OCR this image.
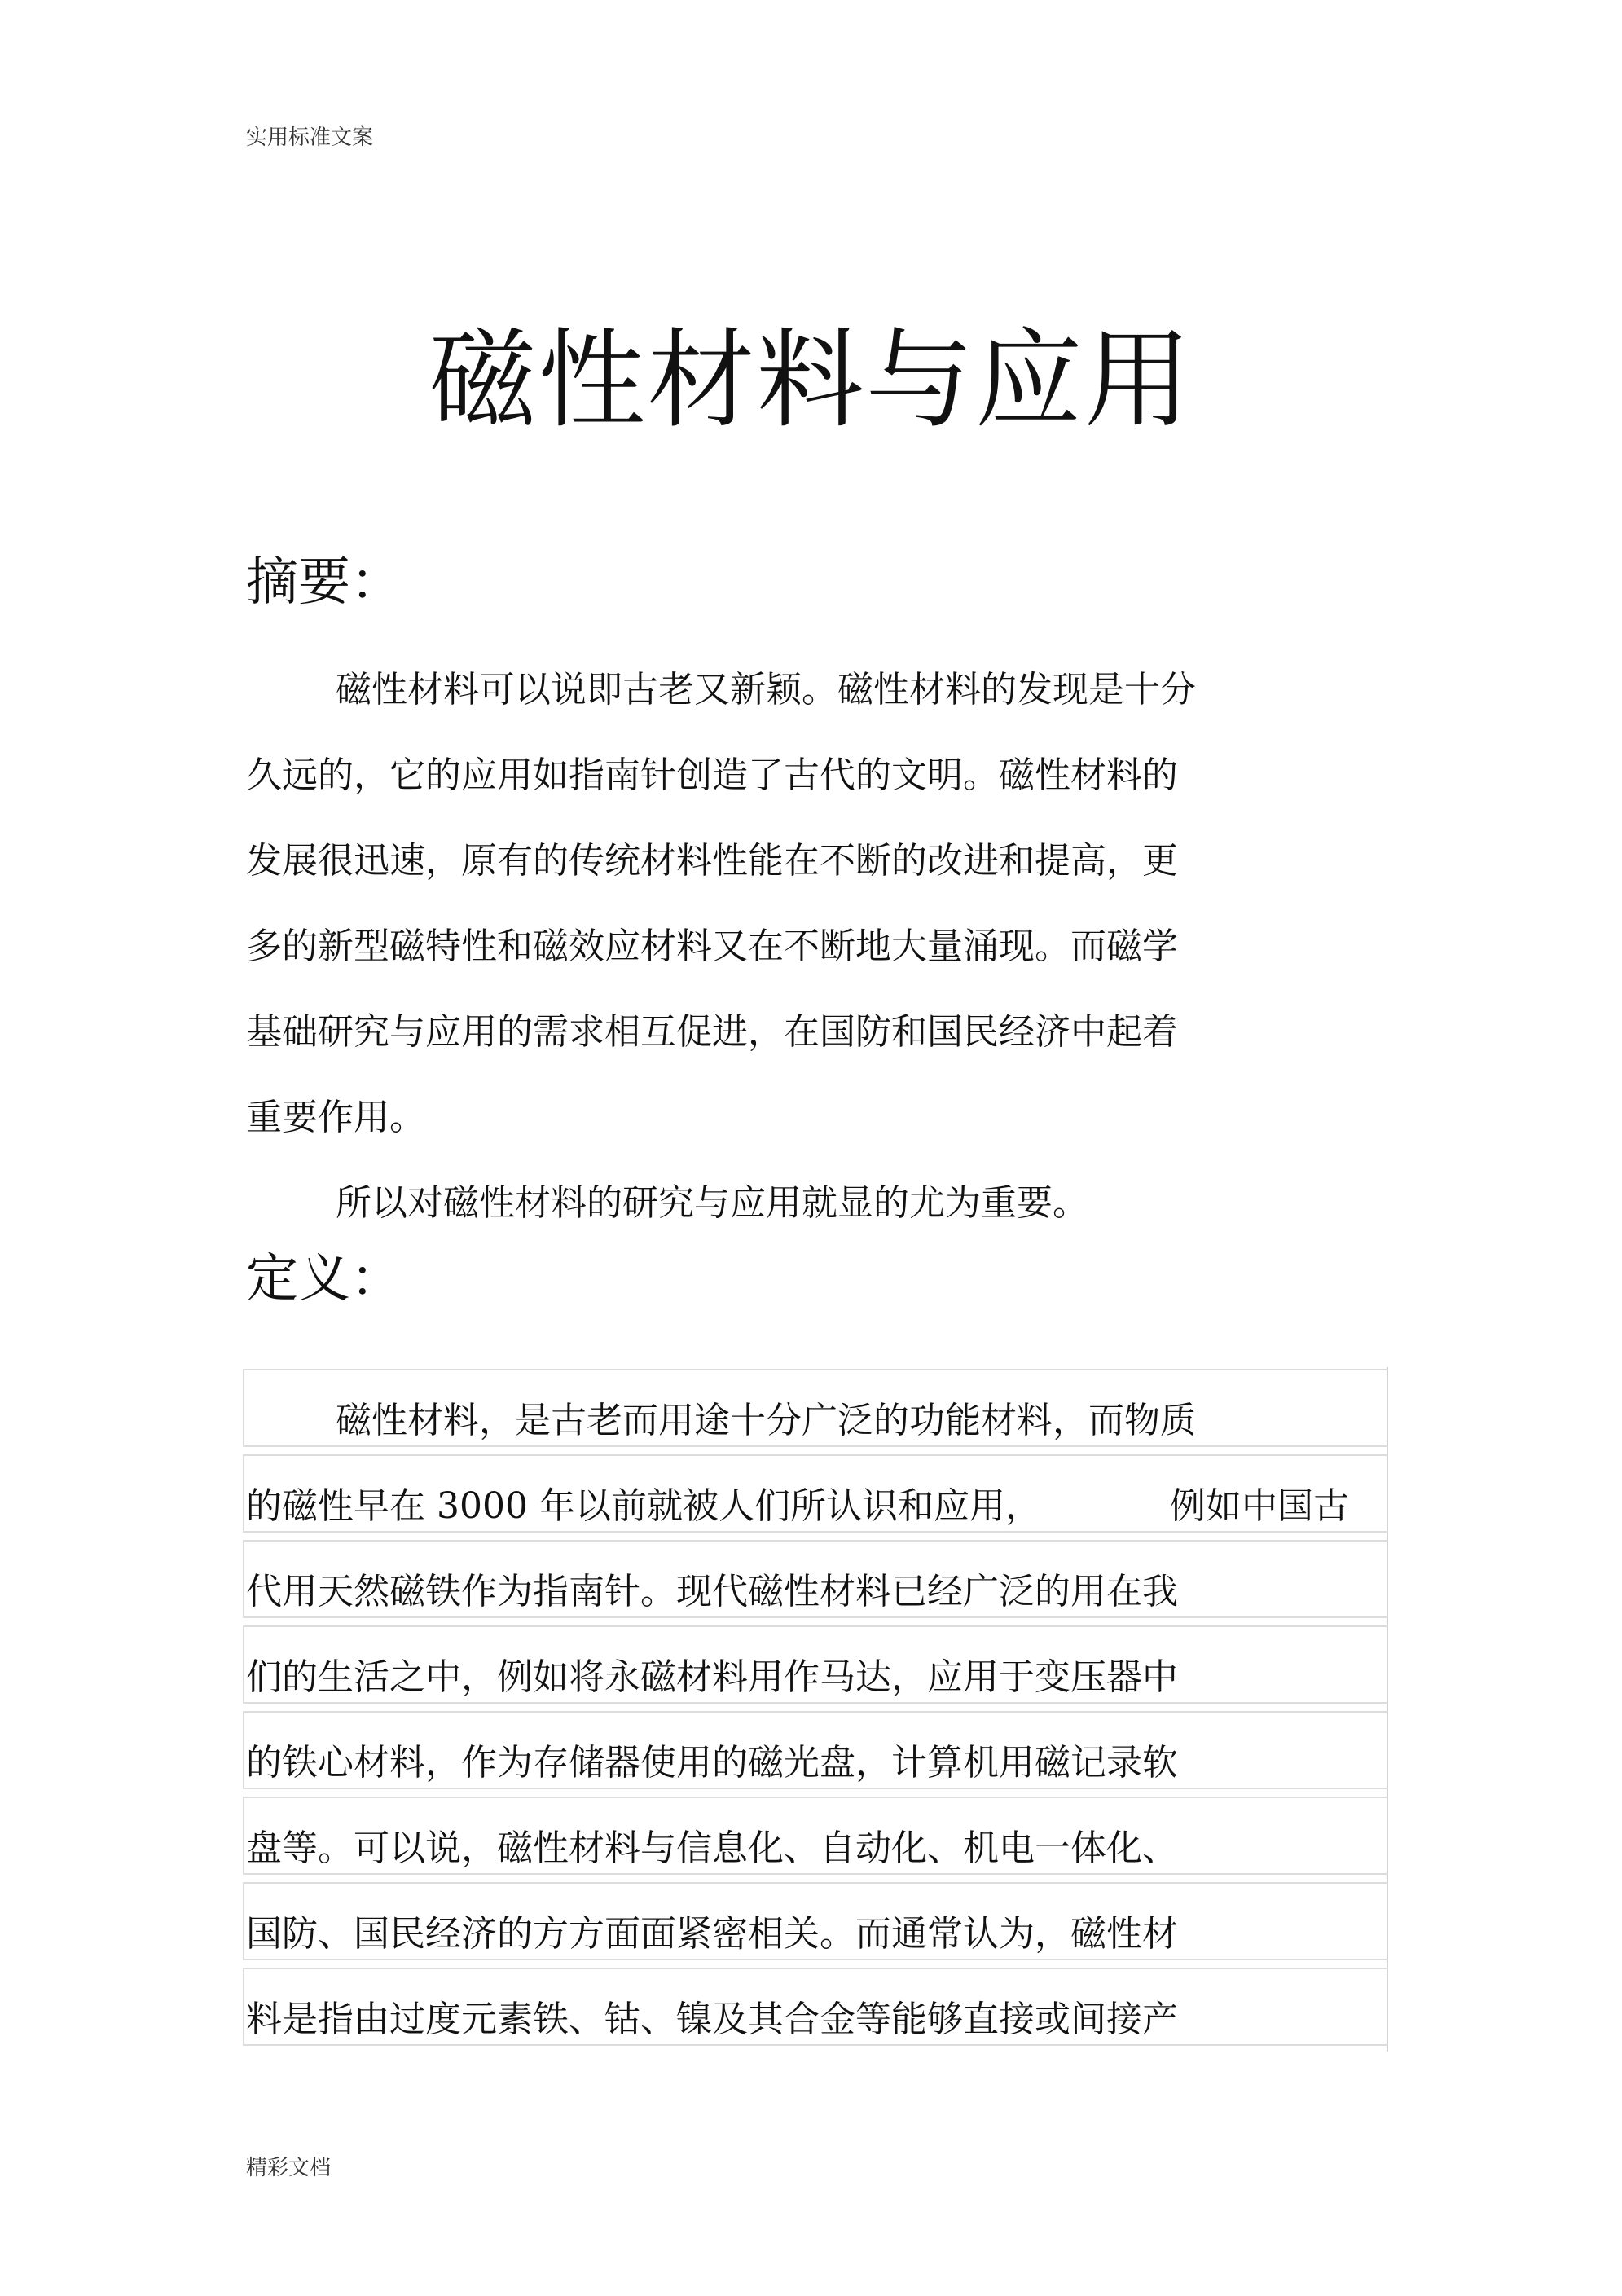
实用标准文案
磁性材料与应用
摘要：
磁性材料可以说即古老又新颖。磁性材料的发现是十分
久远的，它的应用如指南针创造了古代的文明。磁性材料的
发展很迅速，原有的传统材料性能在不断的改进和提高，更
多的新型磁特性和磁效应材料又在不断地大量涌现。而磁学
基础研究与应用的需求相互促进，在国防和国民经济中起着
重要作用。
所以对磁性材料的研究与应用就显的尤为重要。
定义：
磁性材料，是古老而用途十分广泛的功能材料，而物质
的磁性早在 3000 年以前就被人们所认识和应用，	例如中国古
代用天然磁铁作为指南针。现代磁性材料已经广泛的用在我
们的生活之中，例如将永磁材料用作马达，应用于变压器中
的铁心材料，作为存储器使用的磁光盘，计算机用磁记录软
盘等。可以说，磁性材料与信息化、自动化、机电一体化、
国防、国民经济的方方面面紧密相关。而通常认为，磁性材
料是指由过度元素铁、钴、镍及其合金等能够直接或间接产
精彩文档
